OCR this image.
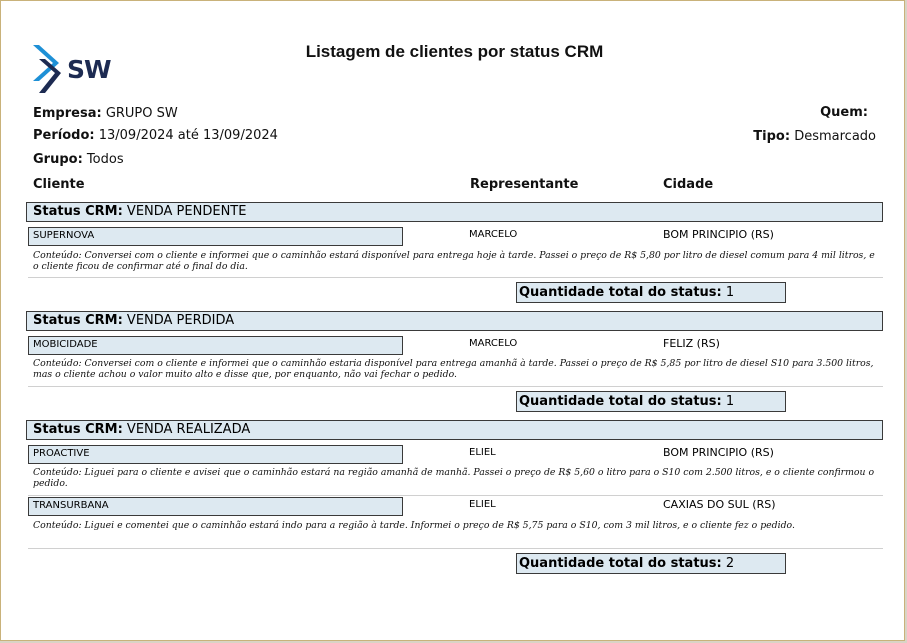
SW
Listagem de clientes por status CRM
Empresa: GRUPO SW
Período: 13/09/2024 até 13/09/2024
Grupo: Todos
Quem:
Tipo: Desmarcado
Cliente	Representante	Cidade
Status CRM: VENDA PENDENTE
SUPERNOVA	MARCELO	BOM PRINCIPIO (RS)
Conteúdo: Conversei com o cliente e informei que o caminhão estará disponível para entrega hoje à tarde. Passei o preço de R$ 5,80 por litro de diesel comum para 4 mil litros, e o cliente ficou de confirmar até o final do dia.
Quantidade total do status: 1
Status CRM: VENDA PERDIDA
MOBICIDADE	MARCELO	FELIZ (RS)
Conteúdo: Conversei com o cliente e informei que o caminhão estaria disponível para entrega amanhã à tarde. Passei o preço de R$ 5,85 por litro de diesel S10 para 3.500 litros, mas o cliente achou o valor muito alto e disse que, por enquanto, não vai fechar o pedido.
Quantidade total do status: 1
Status CRM: VENDA REALIZADA
PROACTIVE	ELIEL	BOM PRINCIPIO (RS)
Conteúdo: Liguei para o cliente e avisei que o caminhão estará na região amanhã de manhã. Passei o preço de R$ 5,60 o litro para o S10 com 2.500 litros, e o cliente confirmou o pedido.
TRANSURBANA	ELIEL	CAXIAS DO SUL (RS)
Conteúdo: Liguei e comentei que o caminhão estará indo para a região à tarde. Informei o preço de R$ 5,75 para o S10, com 3 mil litros, e o cliente fez o pedido.
Quantidade total do status: 2
